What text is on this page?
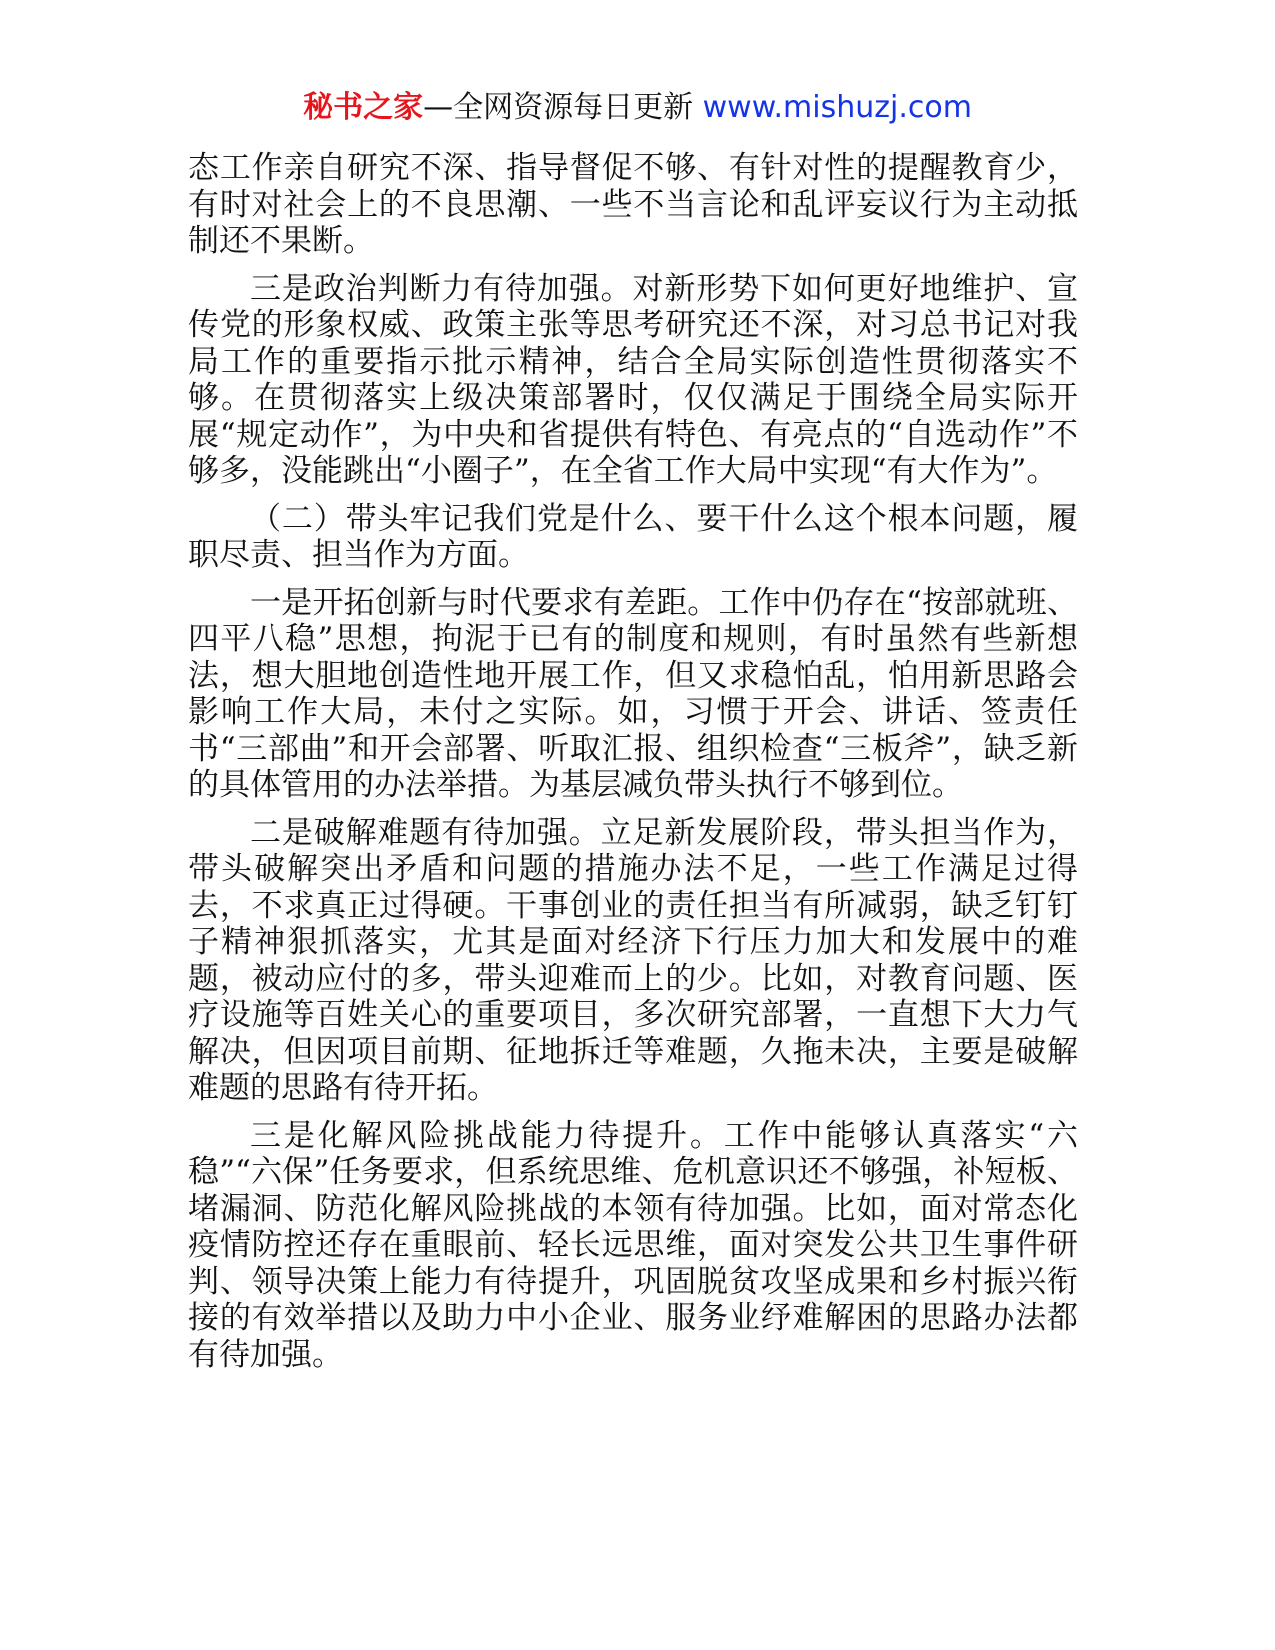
秘书之家—全网资源每日更新 www.mishuzj.com

态工作亲自研究不深、指导督促不够、有针对性的提醒教育少，有时对社会上的不良思潮、一些不当言论和乱评妄议行为主动抵制还不果断。

三是政治判断力有待加强。对新形势下如何更好地维护、宣传党的形象权威、政策主张等思考研究还不深，对习总书记对我局工作的重要指示批示精神，结合全局实际创造性贯彻落实不够。在贯彻落实上级决策部署时，仅仅满足于围绕全局实际开展“规定动作”，为中央和省提供有特色、有亮点的“自选动作”不够多，没能跳出“小圈子”，在全省工作大局中实现“有大作为”。

（二）带头牢记我们党是什么、要干什么这个根本问题，履职尽责、担当作为方面。

一是开拓创新与时代要求有差距。工作中仍存在“按部就班、四平八稳”思想，拘泥于已有的制度和规则，有时虽然有些新想法，想大胆地创造性地开展工作，但又求稳怕乱，怕用新思路会影响工作大局，未付之实际。如，习惯于开会、讲话、签责任书“三部曲”和开会部署、听取汇报、组织检查“三板斧”，缺乏新的具体管用的办法举措。为基层减负带头执行不够到位。

二是破解难题有待加强。立足新发展阶段，带头担当作为，带头破解突出矛盾和问题的措施办法不足，一些工作满足过得去，不求真正过得硬。干事创业的责任担当有所减弱，缺乏钉钉子精神狠抓落实，尤其是面对经济下行压力加大和发展中的难题，被动应付的多，带头迎难而上的少。比如，对教育问题、医疗设施等百姓关心的重要项目，多次研究部署，一直想下大力气解决，但因项目前期、征地拆迁等难题，久拖未决，主要是破解难题的思路有待开拓。

三是化解风险挑战能力待提升。工作中能够认真落实“六稳”“六保”任务要求，但系统思维、危机意识还不够强，补短板、堵漏洞、防范化解风险挑战的本领有待加强。比如，面对常态化疫情防控还存在重眼前、轻长远思维，面对突发公共卫生事件研判、领导决策上能力有待提升，巩固脱贫攻坚成果和乡村振兴衔接的有效举措以及助力中小企业、服务业纾难解困的思路办法都有待加强。
